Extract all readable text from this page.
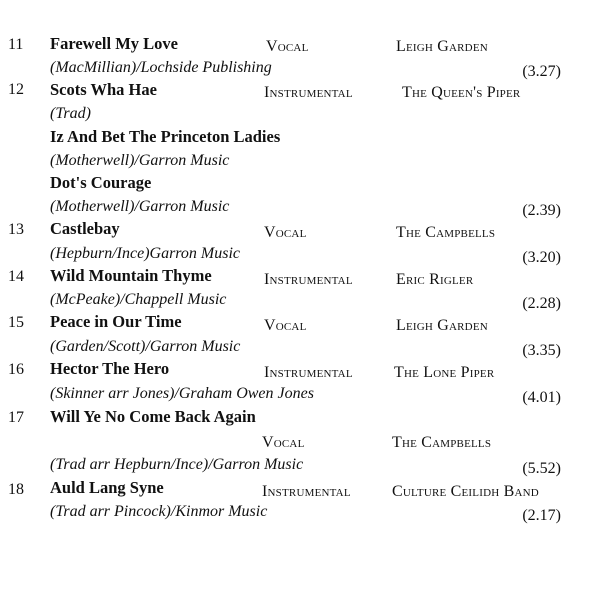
11 Farewell My Love	Vocal	Leigh Garden
(MacMillian)/Lochside Publishing	(3.27)
12 Scots Wha Hae	Instrumental	The Queen's Piper
(Trad)
Iz And Bet The Princeton Ladies
(Motherwell)/Garron Music
Dot's Courage
(Motherwell)/Garron Music	(2.39)
13 Castlebay	Vocal	The Campbells
(Hepburn/Ince)Garron Music	(3.20)
14 Wild Mountain Thyme	Instrumental	Eric Rigler
(McPeake)/Chappell Music	(2.28)
15 Peace in Our Time	Vocal	Leigh Garden
(Garden/Scott)/Garron Music	(3.35)
16 Hector The Hero	Instrumental	The Lone Piper
(Skinner arr Jones)/Graham Owen Jones	(4.01)
17 Will Ye No Come Back Again
Vocal	The Campbells
(Trad arr Hepburn/Ince)/Garron Music	(5.52)
18 Auld Lang Syne	Instrumental	Culture Ceilidh Band
(Trad arr Pincock)/Kinmor Music	(2.17)
